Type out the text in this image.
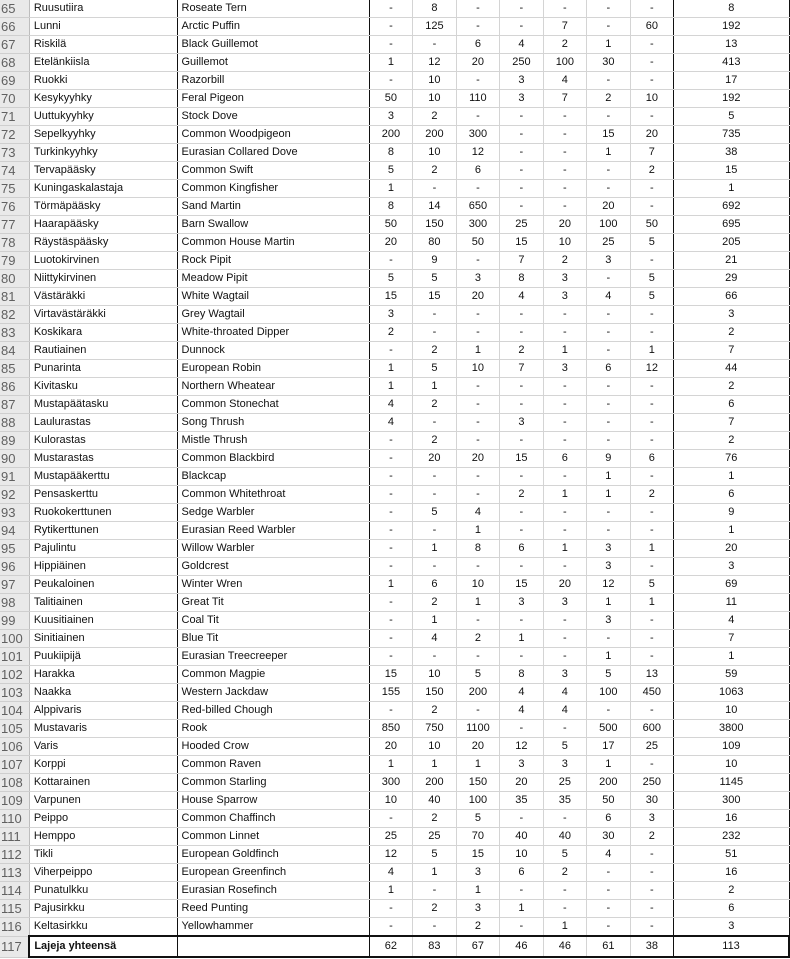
65	Ruusutiira	Roseate Tern	-	8	-	-	-	-	-	8
66	Lunni	Arctic Puffin	-	125	-	-	7	-	60	192
67	Riskilä	Black Guillemot	-	-	6	4	2	1	-	13
68	Etelänkiisla	Guillemot	1	12	20	250	100	30	-	413
69	Ruokki	Razorbill	-	10	-	3	4	-	-	17
70	Kesykyyhky	Feral Pigeon	50	10	110	3	7	2	10	192
71	Uuttukyyhky	Stock Dove	3	2	-	-	-	-	-	5
72	Sepelkyyhky	Common Woodpigeon	200	200	300	-	-	15	20	735
73	Turkinkyyhky	Eurasian Collared Dove	8	10	12	-	-	1	7	38
74	Tervapääsky	Common Swift	5	2	6	-	-	-	2	15
75	Kuningaskalastaja	Common Kingfisher	1	-	-	-	-	-	-	1
76	Törmäpääsky	Sand Martin	8	14	650	-	-	20	-	692
77	Haarapääsky	Barn Swallow	50	150	300	25	20	100	50	695
78	Räystäspääsky	Common House Martin	20	80	50	15	10	25	5	205
79	Luotokirvinen	Rock Pipit	-	9	-	7	2	3	-	21
80	Niittykirvinen	Meadow Pipit	5	5	3	8	3	-	5	29
81	Västäräkki	White Wagtail	15	15	20	4	3	4	5	66
82	Virtavästäräkki	Grey Wagtail	3	-	-	-	-	-	-	3
83	Koskikara	White-throated Dipper	2	-	-	-	-	-	-	2
84	Rautiainen	Dunnock	-	2	1	2	1	-	1	7
85	Punarinta	European Robin	1	5	10	7	3	6	12	44
86	Kivitasku	Northern Wheatear	1	1	-	-	-	-	-	2
87	Mustapäätasku	Common Stonechat	4	2	-	-	-	-	-	6
88	Laulurastas	Song Thrush	4	-	-	3	-	-	-	7
89	Kulorastas	Mistle Thrush	-	2	-	-	-	-	-	2
90	Mustarastas	Common Blackbird	-	20	20	15	6	9	6	76
91	Mustapääkerttu	Blackcap	-	-	-	-	-	1	-	1
92	Pensaskerttu	Common Whitethroat	-	-	-	2	1	1	2	6
93	Ruokokerttunen	Sedge Warbler	-	5	4	-	-	-	-	9
94	Rytikerttunen	Eurasian Reed Warbler	-	-	1	-	-	-	-	1
95	Pajulintu	Willow Warbler	-	1	8	6	1	3	1	20
96	Hippiäinen	Goldcrest	-	-	-	-	-	3	-	3
97	Peukaloinen	Winter Wren	1	6	10	15	20	12	5	69
98	Talitiainen	Great Tit	-	2	1	3	3	1	1	11
99	Kuusitiainen	Coal Tit	-	1	-	-	-	3	-	4
100	Sinitiainen	Blue Tit	-	4	2	1	-	-	-	7
101	Puukiipijä	Eurasian Treecreeper	-	-	-	-	-	1	-	1
102	Harakka	Common Magpie	15	10	5	8	3	5	13	59
103	Naakka	Western Jackdaw	155	150	200	4	4	100	450	1063
104	Alppivaris	Red-billed Chough	-	2	-	4	4	-	-	10
105	Mustavaris	Rook	850	750	1100	-	-	500	600	3800
106	Varis	Hooded Crow	20	10	20	12	5	17	25	109
107	Korppi	Common Raven	1	1	1	3	3	1	-	10
108	Kottarainen	Common Starling	300	200	150	20	25	200	250	1145
109	Varpunen	House Sparrow	10	40	100	35	35	50	30	300
110	Peippo	Common Chaffinch	-	2	5	-	-	6	3	16
111	Hemppo	Common Linnet	25	25	70	40	40	30	2	232
112	Tikli	European Goldfinch	12	5	15	10	5	4	-	51
113	Viherpeippo	European Greenfinch	4	1	3	6	2	-	-	16
114	Punatulkku	Eurasian Rosefinch	1	-	1	-	-	-	-	2
115	Pajusirkku	Reed Punting	-	2	3	1	-	-	-	6
116	Keltasirkku	Yellowhammer	-	-	2	-	1	-	-	3
117	Lajeja yhteensä		62	83	67	46	46	61	38	113
